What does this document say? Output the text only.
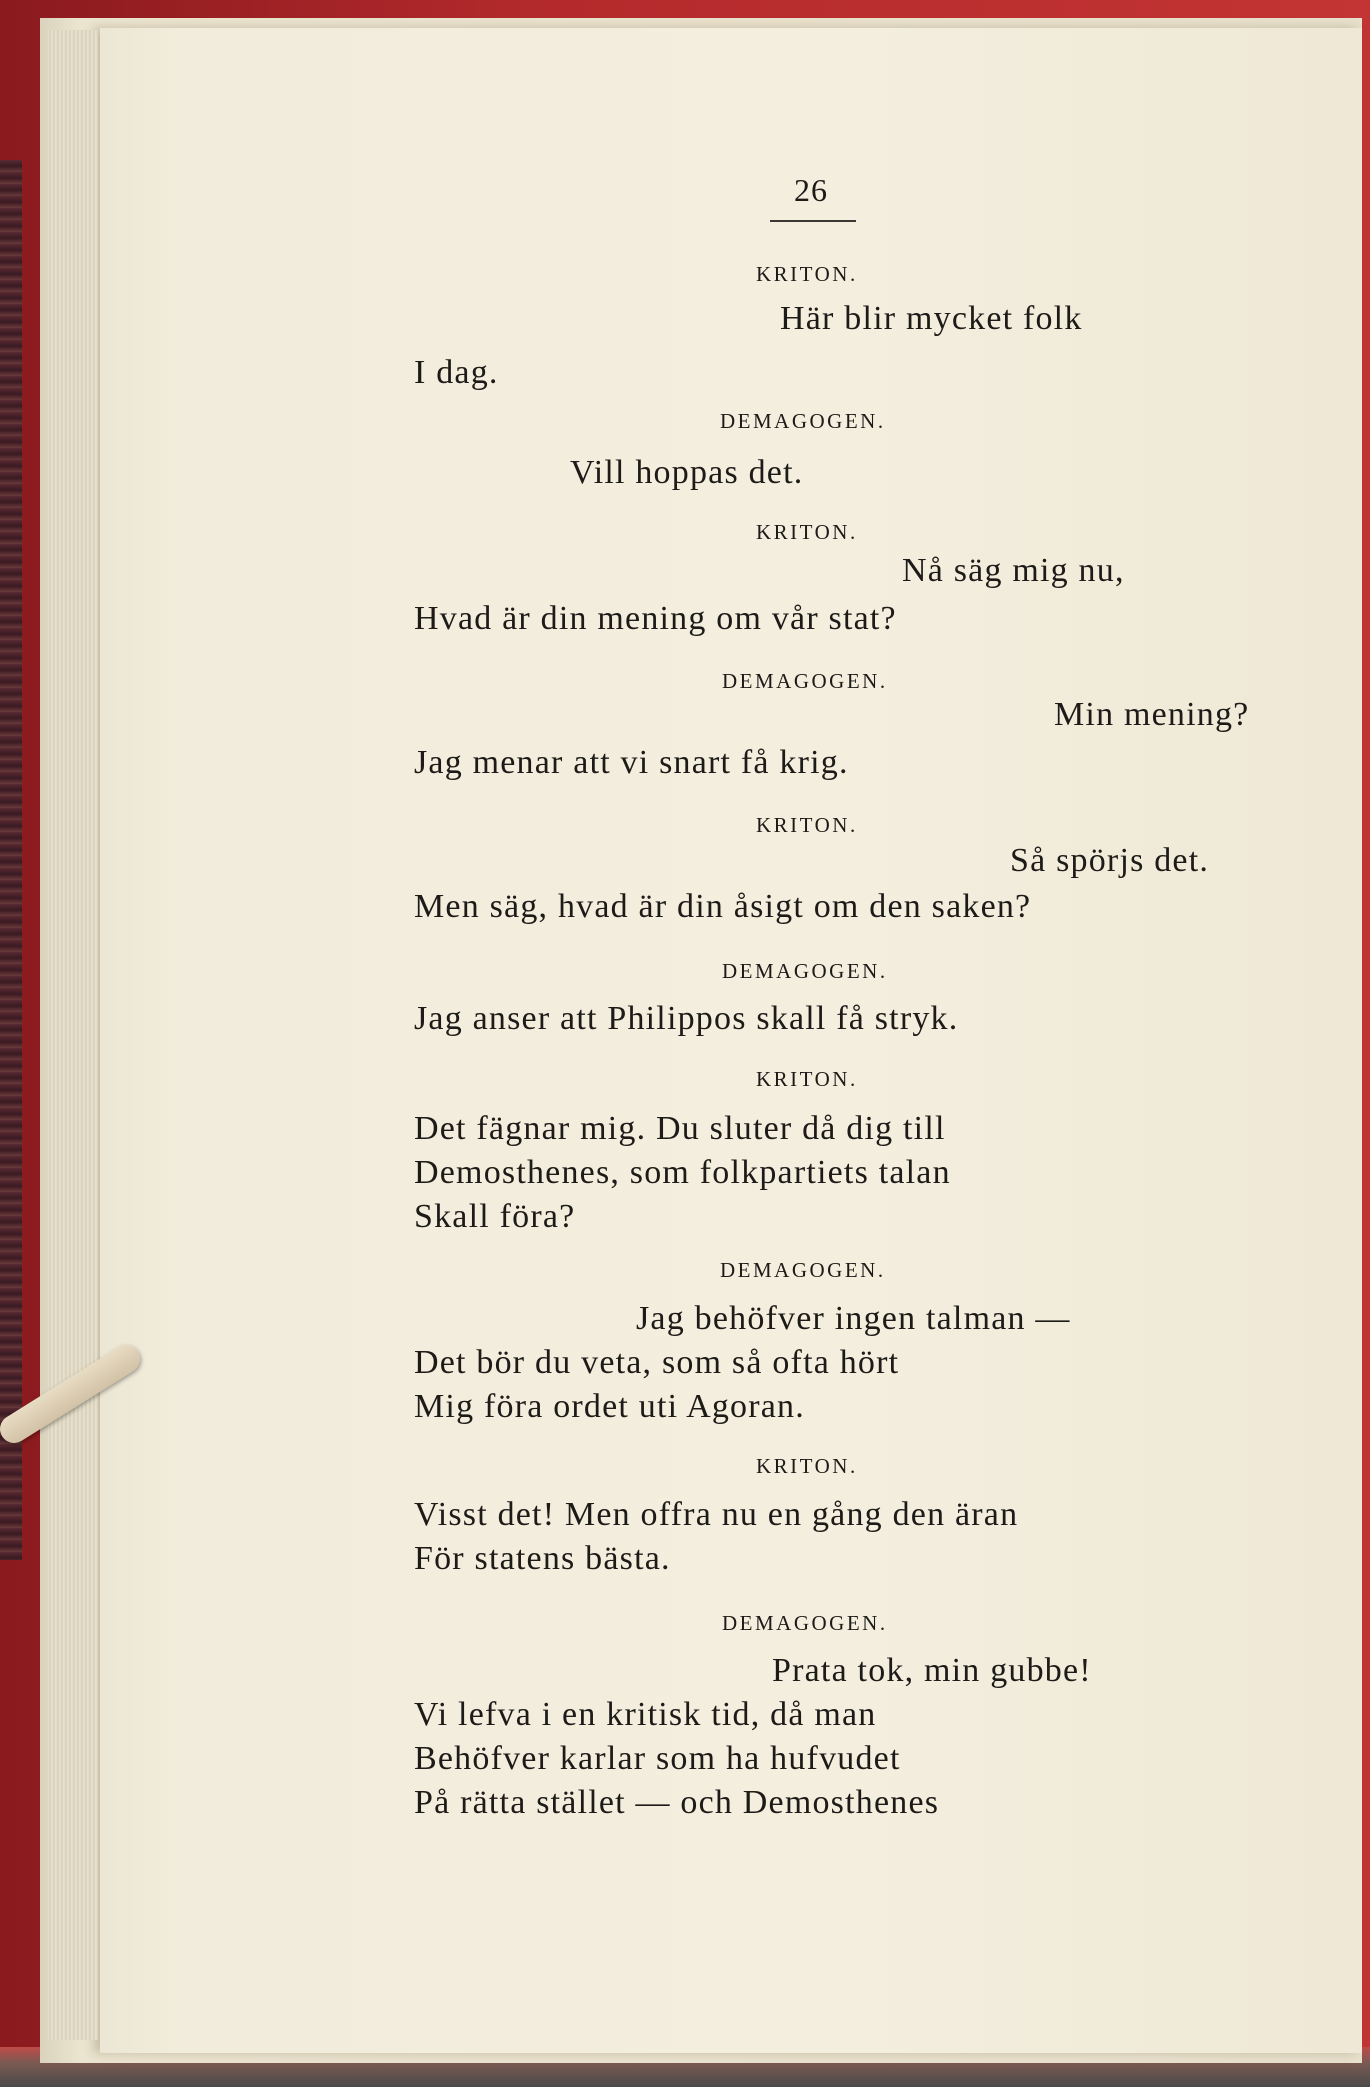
26
KRITON.
Här blir mycket folk
I dag.
DEMAGOGEN.
Vill hoppas det.
KRITON.
Nå säg mig nu,
Hvad är din mening om vår stat?
DEMAGOGEN.
Min mening?
Jag menar att vi snart få krig.
KRITON.
Så spörjs det.
Men säg, hvad är din åsigt om den saken?
DEMAGOGEN.
Jag anser att Philippos skall få stryk.
KRITON.
Det fägnar mig. Du sluter då dig till
Demosthenes, som folkpartiets talan
Skall föra?
DEMAGOGEN.
Jag behöfver ingen talman —
Det bör du veta, som så ofta hört
Mig föra ordet uti Agoran.
KRITON.
Visst det! Men offra nu en gång den äran
För statens bästa.
DEMAGOGEN.
Prata tok, min gubbe!
Vi lefva i en kritisk tid, då man
Behöfver karlar som ha hufvudet
På rätta stället — och Demosthenes
